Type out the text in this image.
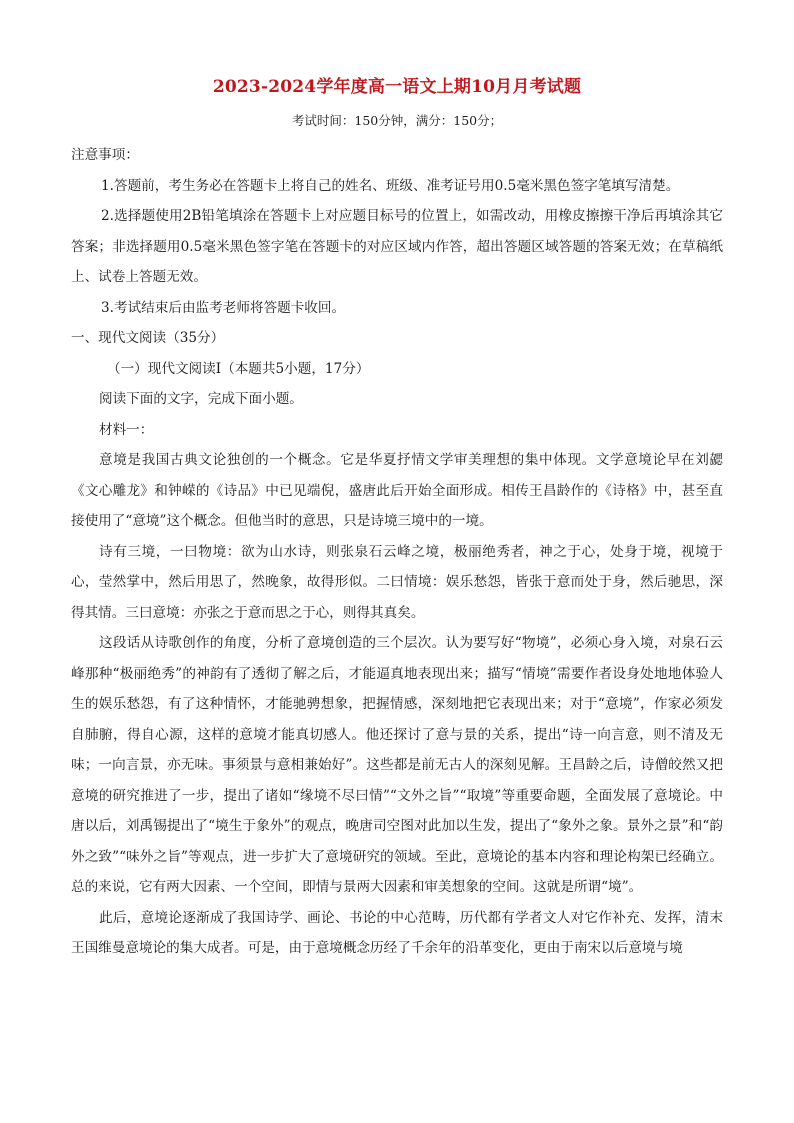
2023-2024学年度高一语文上期10月月考试题
考试时间：150分钟，满分：150分；

注意事项：

1.答题前，考生务必在答题卡上将自己的姓名、班级、准考证号用0.5毫米黑色签字笔填写清楚。

2.选择题使用2B铅笔填涂在答题卡上对应题目标号的位置上，如需改动，用橡皮擦擦干净后再填涂其它答案；非选择题用0.5毫米黑色签字笔在答题卡的对应区域内作答，超出答题区域答题的答案无效；在草稿纸上、试卷上答题无效。

3.考试结束后由监考老师将答题卡收回。

一、现代文阅读（35分）

（一）现代文阅读Ⅰ（本题共5小题，17分）

阅读下面的文字，完成下面小题。

材料一：

意境是我国古典文论独创的一个概念。它是华夏抒情文学审美理想的集中体现。文学意境论早在刘勰《文心雕龙》和钟嵘的《诗品》中已见端倪，盛唐此后开始全面形成。相传王昌龄作的《诗格》中，甚至直接使用了“意境”这个概念。但他当时的意思，只是诗境三境中的一境。

诗有三境，一曰物境：欲为山水诗，则张泉石云峰之境，极丽绝秀者，神之于心，处身于境，视境于心，莹然掌中，然后用思了，然晚象，故得形似。二曰情境：娱乐愁怨，皆张于意而处于身，然后驰思，深得其情。三曰意境：亦张之于意而思之于心，则得其真矣。

这段话从诗歌创作的角度，分析了意境创造的三个层次。认为要写好“物境”，必须心身入境，对泉石云峰那种“极丽绝秀”的神韵有了透彻了解之后，才能逼真地表现出来；描写“情境”需要作者设身处地地体验人生的娱乐愁怨，有了这种情怀，才能驰骋想象，把握情感，深刻地把它表现出来；对于“意境”，作家必须发自肺腑，得自心源，这样的意境才能真切感人。他还探讨了意与景的关系，提出“诗一向言意，则不清及无味；一向言景，亦无味。事须景与意相兼始好”。这些都是前无古人的深刻见解。王昌龄之后，诗僧皎然又把意境的研究推进了一步，提出了诸如“缘境不尽曰情”“文外之旨”“取境”等重要命题，全面发展了意境论。中唐以后，刘禹锡提出了“境生于象外”的观点，晚唐司空图对此加以生发，提出了“象外之象。景外之景”和“韵外之致”“味外之旨”等观点，进一步扩大了意境研究的领域。至此，意境论的基本内容和理论构架已经确立。总的来说，它有两大因素、一个空间，即情与景两大因素和审美想象的空间。这就是所谓“境”。

此后，意境论逐渐成了我国诗学、画论、书论的中心范畴，历代都有学者文人对它作补充、发挥，清末王国维曼意境论的集大成者。可是，由于意境概念历经了千余年的沿革变化，更由于南宋以后意境与境
